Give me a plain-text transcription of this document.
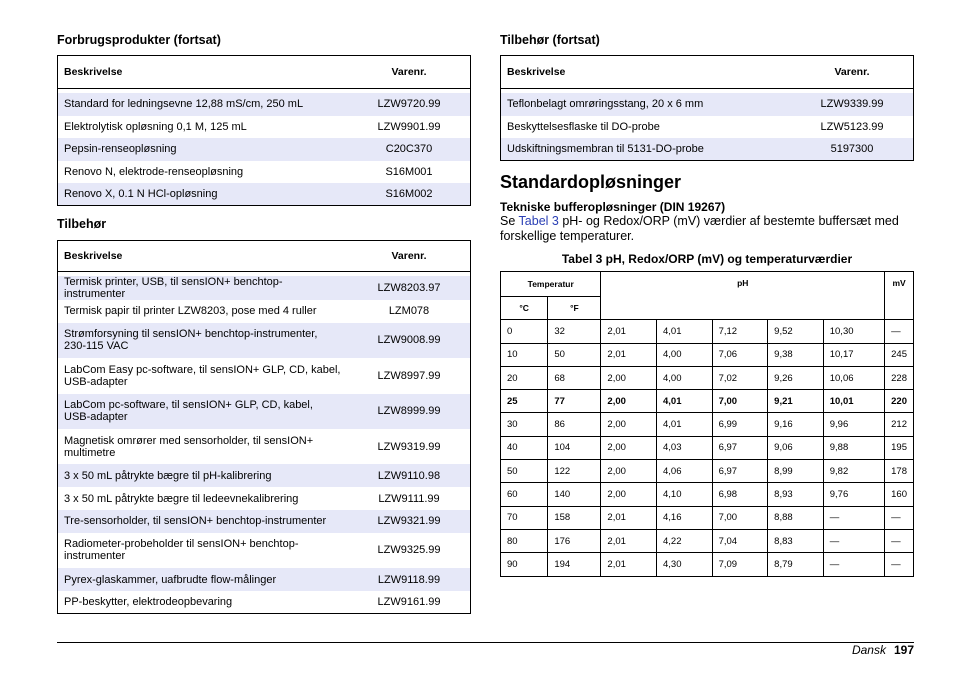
Forbrugsprodukter (fortsat)
Beskrivelse	Varenr.

Standard for ledningsevne 12,88 mS/cm, 250 mL	LZW9720.99
Elektrolytisk opløsning 0,1 M, 125 mL	LZW9901.99
Pepsin-renseopløsning	C20C370
Renovo N, elektrode-renseopløsning	S16M001
Renovo X, 0.1 N HCl-opløsning	S16M002
Tilbehør
Beskrivelse	Varenr.

Termisk printer, USB, til sensION+ benchtop-instrumenter	LZW8203.97
Termisk papir til printer LZW8203, pose med 4 ruller	LZM078
Strømforsyning til sensION+ benchtop-instrumenter, 230-115 VAC	LZW9008.99
LabCom Easy pc-software, til sensION+ GLP, CD, kabel, USB-adapter	LZW8997.99
LabCom pc-software, til sensION+ GLP, CD, kabel, USB-adapter	LZW8999.99
Magnetisk omrører med sensorholder, til sensION+ multimetre	LZW9319.99
3 x 50 mL påtrykte bægre til pH-kalibrering	LZW9110.98
3 x 50 mL påtrykte bægre til ledeevnekalibrering	LZW9111.99
Tre-sensorholder, til sensION+ benchtop-instrumenter	LZW9321.99
Radiometer-probeholder til sensION+ benchtop-instrumenter	LZW9325.99
Pyrex-glaskammer, uafbrudte flow-målinger	LZW9118.99
PP-beskytter, elektrodeopbevaring	LZW9161.99
Tilbehør (fortsat)
Beskrivelse	Varenr.

Teflonbelagt omrøringsstang, 20 x 6 mm	LZW9339.99
Beskyttelsesflaske til DO-probe	LZW5123.99
Udskiftningsmembran til 5131-DO-probe	5197300
Standardopløsninger
Tekniske bufferopløsninger (DIN 19267)
Se Tabel 3 pH- og Redox/ORP (mV) værdier af bestemte buffersæt med forskellige temperaturer.
Tabel 3 pH, Redox/ORP (mV) og temperaturværdier
Temperatur		pH					mV
°C	°F						
0	32	2,01	4,01	7,12	9,52	10,30	—
10	50	2,01	4,00	7,06	9,38	10,17	245
20	68	2,00	4,00	7,02	9,26	10,06	228
25	77	2,00	4,01	7,00	9,21	10,01	220
30	86	2,00	4,01	6,99	9,16	9,96	212
40	104	2,00	4,03	6,97	9,06	9,88	195
50	122	2,00	4,06	6,97	8,99	9,82	178
60	140	2,00	4,10	6,98	8,93	9,76	160
70	158	2,01	4,16	7,00	8,88	—	—
80	176	2,01	4,22	7,04	8,83	—	—
90	194	2,01	4,30	7,09	8,79	—	—
Dansk 197
